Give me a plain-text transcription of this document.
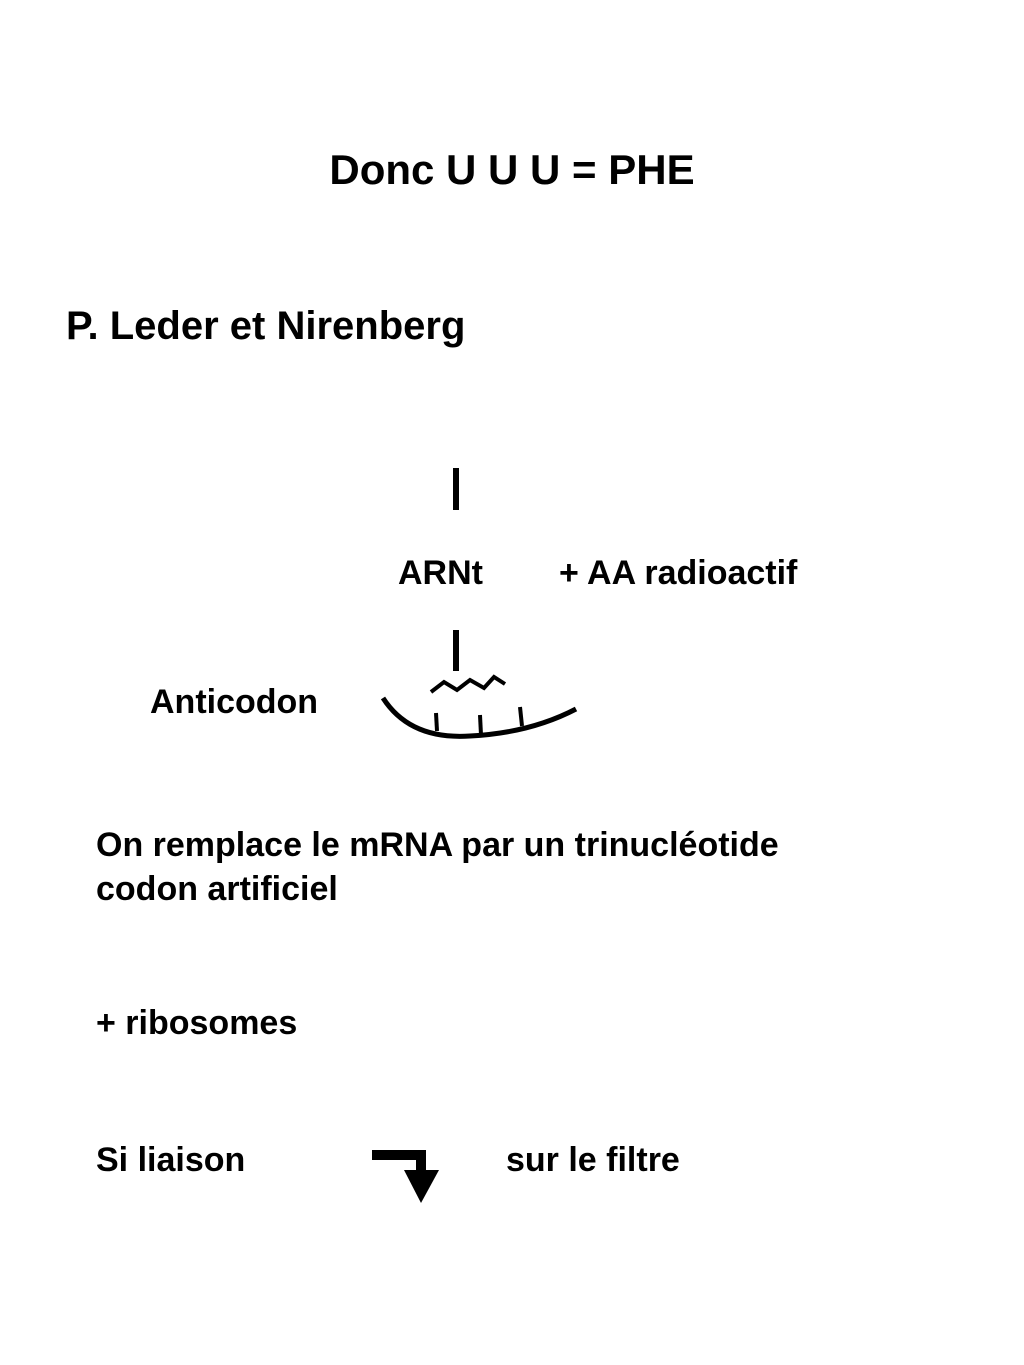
Donc U U U = PHE
P. Leder et Nirenberg
ARNt + AA radioactif
Anticodon
On remplace le mRNA par un trinucléotide
codon artificiel
+ ribosomes
Si liaison	sur le filtre
